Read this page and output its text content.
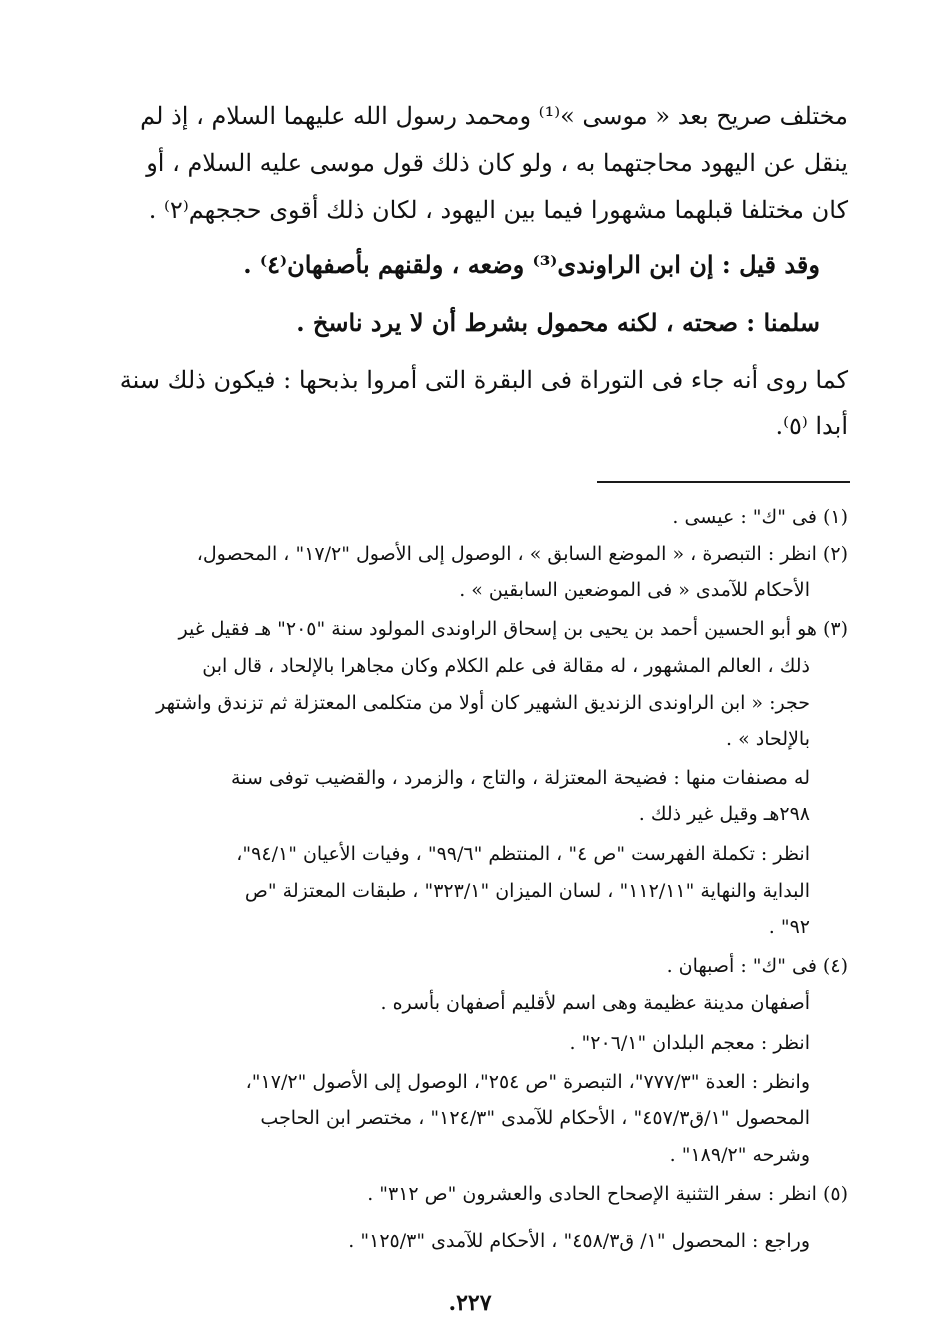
مختلف صريح بعد « موسى »⁽¹⁾ ومحمد رسول الله عليهما السلام ، إذ لم
ينقل عن اليهود محاجتهما به ، ولو كان ذلك قول موسى عليه السلام ، أو
كان مختلفا قبلهما مشهورا فيما بين اليهود ، لكان ذلك أقوى حججهم⁽٢⁾ .
وقد قيل : إن ابن الراوندى⁽³⁾ وضعه ، ولقنهم بأصفهان⁽٤⁾ .
سلمنا : صحته ، لكنه محمول بشرط أن لا يرد ناسخ .
كما روى أنه جاء فى التوراة فى البقرة التى أمروا بذبحها : فيكون ذلك سنة
أبدا ⁽٥⁾.
(١) فى "ك" : عيسى .
(٢) انظر : التبصرة ، « الموضع السابق » ، الوصول إلى الأصول "١٧/٢" ، المحصول،
الأحكام للآمدى « فى الموضعين السابقين » .
(٣) هو أبو الحسين أحمد بن يحيى بن إسحاق الراوندى المولود سنة "٢٠٥" هـ فقيل غير
ذلك ، العالم المشهور ، له مقالة فى علم الكلام وكان مجاهرا بالإلحاد ، قال ابن
حجر: « ابن الراوندى الزنديق الشهير كان أولا من متكلمى المعتزلة ثم تزندق واشتهر
بالإلحاد » .
له مصنفات منها : فضيحة المعتزلة ، والتاج ، والزمرد ، والقضيب توفى سنة
٢٩٨هـ وقيل غير ذلك .
انظر : تكملة الفهرست "ص ٤" ، المنتظم "٩٩/٦" ، وفيات الأعيان "٩٤/١"،
البداية والنهاية "١١٢/١١" ، لسان الميزان "٣٢٣/١" ، طبقات المعتزلة "ص
٩٢" .
(٤) فى "ك" : أصبهان .
أصفهان مدينة عظيمة وهى اسم لأقليم أصفهان بأسره .
انظر : معجم البلدان "٢٠٦/١" .
وانظر : العدة "٧٧٧/٣"، التبصرة "ص ٢٥٤"، الوصول إلى الأصول "١٧/٢"،
المحصول "١/ق٤٥٧/٣" ، الأحكام للآمدى "١٢٤/٣" ، مختصر ابن الحاجب
وشرحه "١٨٩/٢" .
(٥) انظر : سفر التثنية الإصحاح الحادى والعشرون "ص ٣١٢" .
وراجع : المحصول "١/ ق٤٥٨/٣" ، الأحكام للآمدى "١٢٥/٣" .
٢٢٧.
